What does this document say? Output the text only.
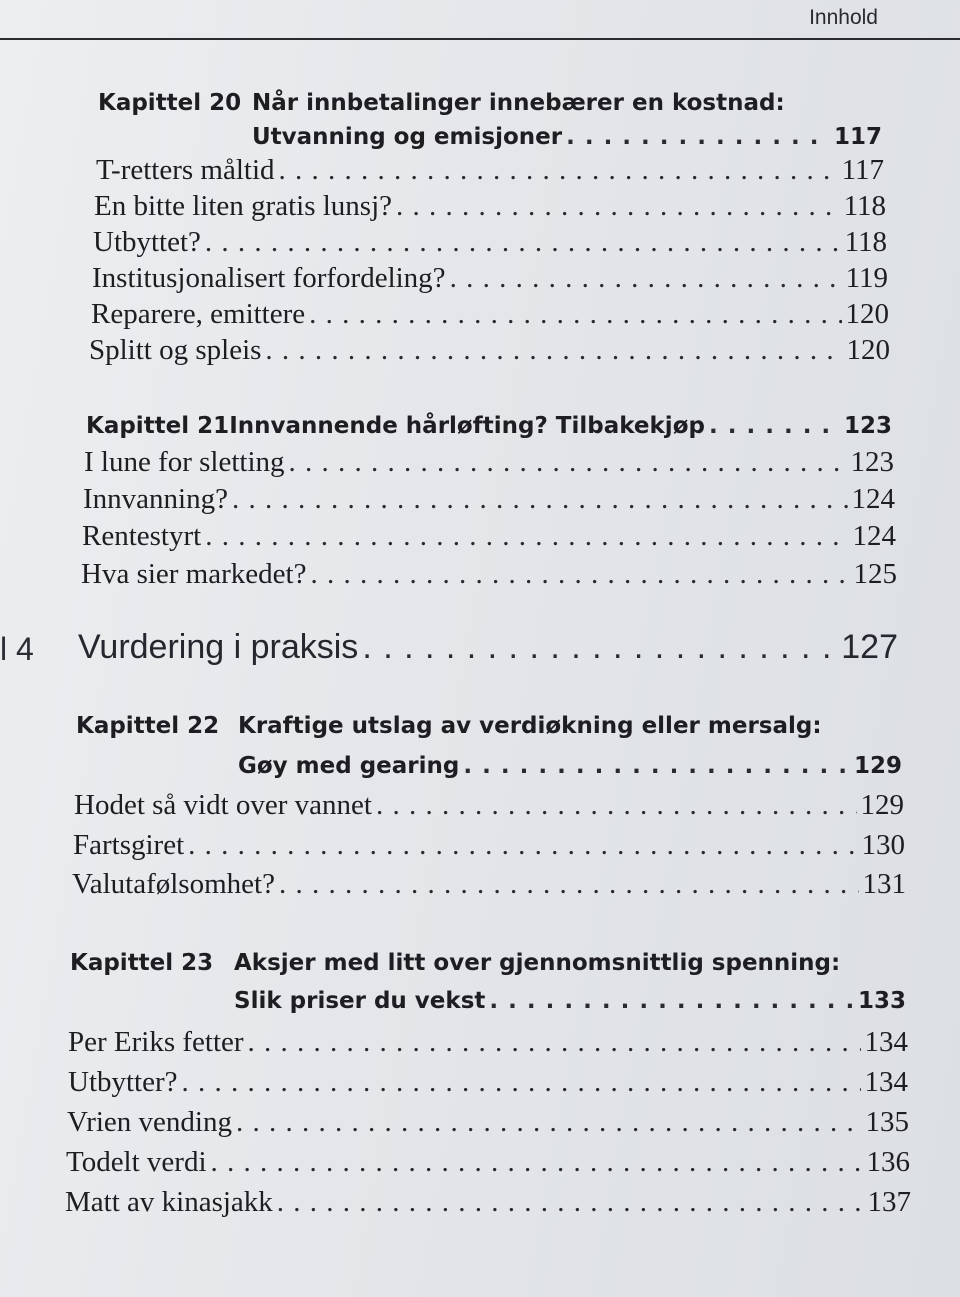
Innhold
Kapittel 20 Når innbetalinger innebærer en kostnad:
Utvanning og emisjoner . . .	117
T-retters måltid . . .	117
En bitte liten gratis lunsj? . . .	118
Utbyttet? . . .	118
Institusjonalisert forfordeling? . . .	119
Reparere, emittere . . .	120
Splitt og spleis . . .	120
Kapittel 21 Innvannende hårløfting? Tilbakekjøp . . .	123
I lune for sletting . . .	123
Innvanning? . . .	124
Rentestyrt . . .	124
Hva sier markedet? . . .	125
l 4 Vurdering i praksis . . .	127
Kapittel 22 Kraftige utslag av verdiøkning eller mersalg:
Gøy med gearing . . .	129
Hodet så vidt over vannet . . .	129
Fartsgiret . . .	130
Valutafølsomhet? . . .	131
Kapittel 23 Aksjer med litt over gjennomsnittlig spenning:
Slik priser du vekst . . .	133
Per Eriks fetter . . .	134
Utbytter? . . .	134
Vrien vending . . .	135
Todelt verdi . . .	136
Matt av kinasjakk . . .	137
